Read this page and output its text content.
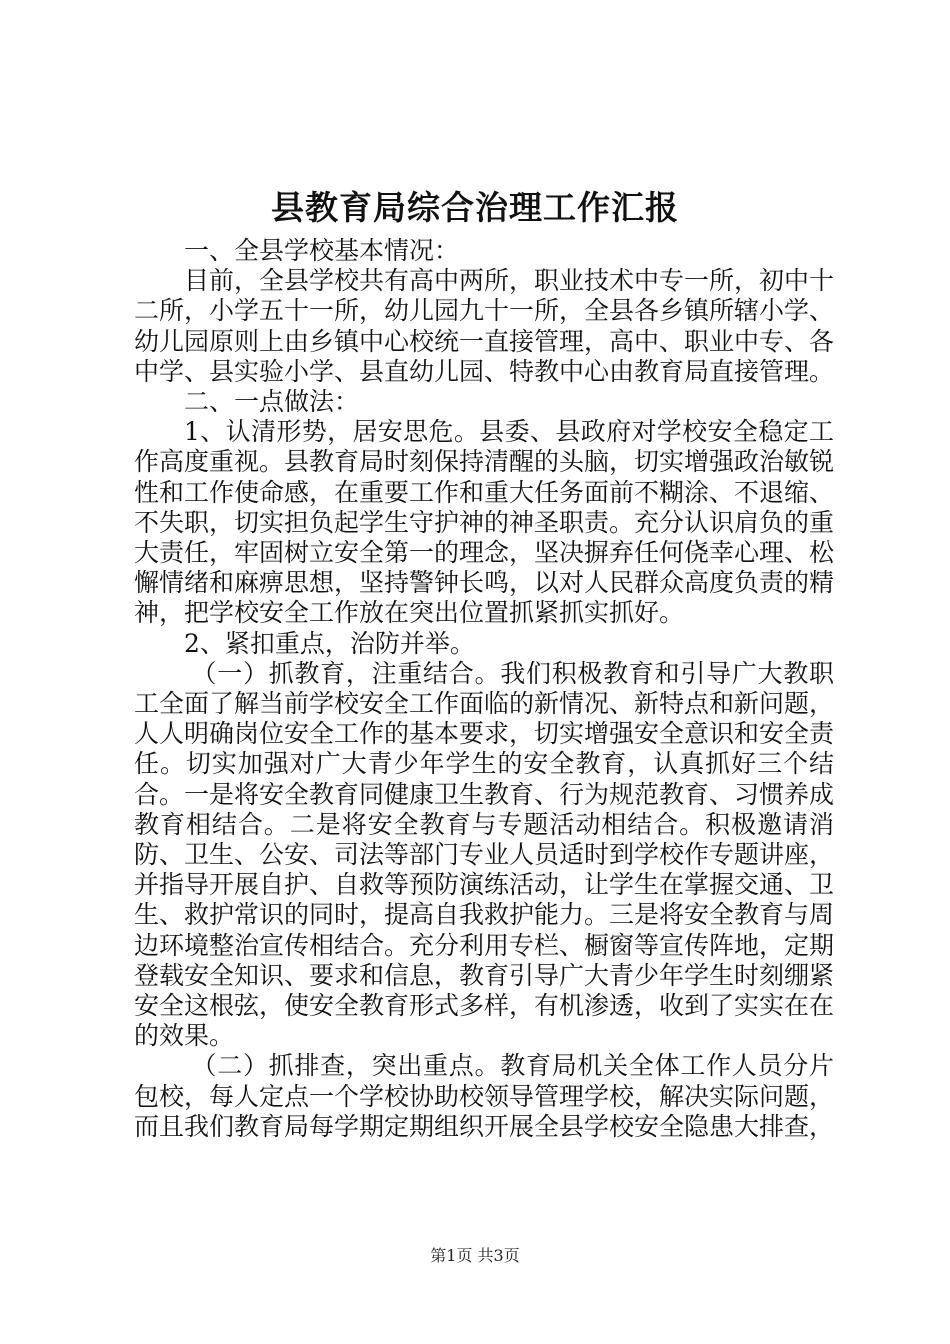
县教育局综合治理工作汇报

一、全县学校基本情况：

目前，全县学校共有高中两所，职业技术中专一所，初中十二所，小学五十一所，幼儿园九十一所，全县各乡镇所辖小学、幼儿园原则上由乡镇中心校统一直接管理，高中、职业中专、各中学、县实验小学、县直幼儿园、特教中心由教育局直接管理。

二、一点做法：

1、认清形势，居安思危。县委、县政府对学校安全稳定工作高度重视。县教育局时刻保持清醒的头脑，切实增强政治敏锐性和工作使命感，在重要工作和重大任务面前不糊涂、不退缩、不失职，切实担负起学生守护神的神圣职责。充分认识肩负的重大责任，牢固树立安全第一的理念，坚决摒弃任何侥幸心理、松懈情绪和麻痹思想，坚持警钟长鸣，以对人民群众高度负责的精神，把学校安全工作放在突出位置抓紧抓实抓好。

2、紧扣重点，治防并举。

（一）抓教育，注重结合。我们积极教育和引导广大教职工全面了解当前学校安全工作面临的新情况、新特点和新问题，人人明确岗位安全工作的基本要求，切实增强安全意识和安全责任。切实加强对广大青少年学生的安全教育，认真抓好三个结合。一是将安全教育同健康卫生教育、行为规范教育、习惯养成教育相结合。二是将安全教育与专题活动相结合。积极邀请消防、卫生、公安、司法等部门专业人员适时到学校作专题讲座，并指导开展自护、自救等预防演练活动，让学生在掌握交通、卫生、救护常识的同时，提高自我救护能力。三是将安全教育与周边环境整治宣传相结合。充分利用专栏、橱窗等宣传阵地，定期登载安全知识、要求和信息，教育引导广大青少年学生时刻绷紧安全这根弦，使安全教育形式多样，有机渗透，收到了实实在在的效果。

（二）抓排查，突出重点。教育局机关全体工作人员分片包校，每人定点一个学校协助校领导管理学校，解决实际问题，而且我们教育局每学期定期组织开展全县学校安全隐患大排查，

第1页 共3页
